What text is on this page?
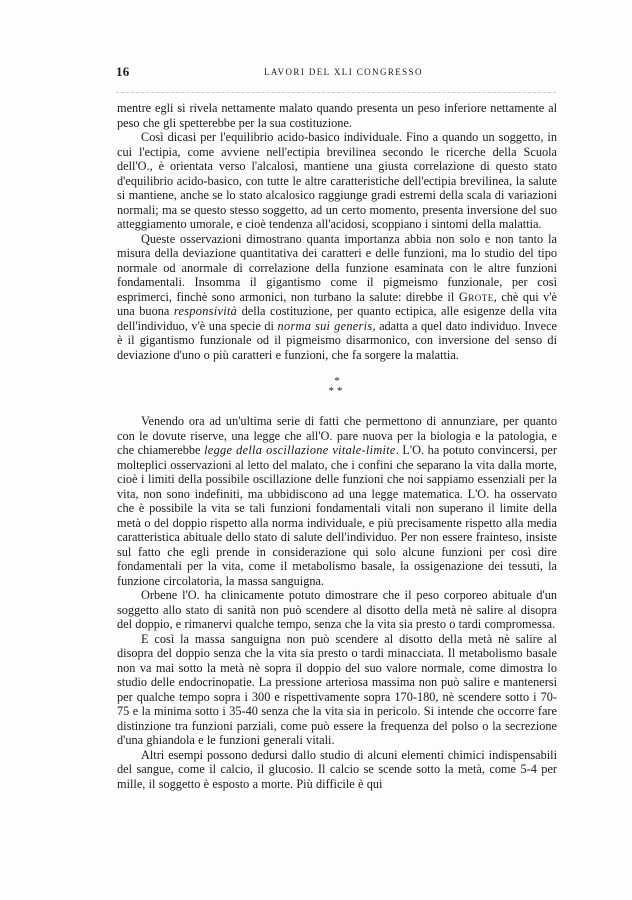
16	LAVORI DEL XLI CONGRESSO

mentre egli si rivela nettamente malato quando presenta un peso inferiore nettamente al peso che gli spetterebbe per la sua costituzione.

Così dicasi per l'equilibrio acido-basico individuale. Fino a quando un soggetto, in cui l'ectipia, come avviene nell'ectipia brevilinea secondo le ricerche della Scuola dell'O., è orientata verso l'alcalosi, mantiene una giusta correlazione di questo stato d'equilibrio acido-basico, con tutte le altre caratteristiche dell'ectipia brevilinea, la salute si mantiene, anche se lo stato alcalosico raggiunge gradi estremi della scala di variazioni normali; ma se questo stesso soggetto, ad un certo momento, presenta inversione del suo atteggiamento umorale, e cioè tendenza all'acidosi, scoppiano i sintomi della malattia.

Queste osservazioni dimostrano quanta importanza abbia non solo e non tanto la misura della deviazione quantitativa dei caratteri e delle funzioni, ma lo studio del tipo normale od anormale di correlazione della funzione esaminata con le altre funzioni fondamentali. Insomma il gigantismo come il pigmeismo funzionale, per così esprimerci, finchè sono armonici, non turbano la salute: direbbe il Grote, chè qui v'è una buona responsività della costituzione, per quanto ectipica, alle esigenze della vita dell'individuo, v'è una specie di norma sui generis, adatta a quel dato individuo. Invece è il gigantismo funzionale od il pigmeismo disarmonico, con inversione del senso di deviazione d'uno o più caratteri e funzioni, che fa sorgere la malattia.

*
**

Venendo ora ad un'ultima serie di fatti che permettono di annunziare, per quanto con le dovute riserve, una legge che all'O. pare nuova per la biologia e la patologia, e che chiamerebbe legge della oscillazione vitale-limite. L'O. ha potuto convincersi, per molteplici osservazioni al letto del malato, che i confini che separano la vita dalla morte, cioè i limiti della possibile oscillazione delle funzioni che noi sappiamo essenziali per la vita, non sono indefiniti, ma ubbidiscono ad una legge matematica. L'O. ha osservato che è possibile la vita se tali funzioni fondamentali vitali non superano il limite della metà o del doppio rispetto alla norma individuale, e più precisamente rispetto alla media caratteristica abituale dello stato di salute dell'individuo. Per non essere frainteso, insiste sul fatto che egli prende in considerazione qui solo alcune funzioni per così dire fondamentali per la vita, come il metabolismo basale, la ossigenazione dei tessuti, la funzione circolatoria, la massa sanguigna.

Orbene l'O. ha clinicamente potuto dimostrare che il peso corporeo abituale d'un soggetto allo stato di sanità non può scendere al disotto della metà nè salire al disopra del doppio, e rimanervi qualche tempo, senza che la vita sia presto o tardi compromessa.

E così la massa sanguigna non può scendere al disotto della metà nè salire al disopra del doppio senza che la vita sia presto o tardi minacciata. Il metabolismo basale non va mai sotto la metà nè sopra il doppio del suo valore normale, come dimostra lo studio delle endocrinopatie. La pressione arteriosa massima non può salire e mantenersi per qualche tempo sopra i 300 e rispettivamente sopra 170-180, nè scendere sotto i 70-75 e la minima sotto i 35-40 senza che la vita sia in pericolo. Si intende che occorre fare distinzione tra funzioni parziali, come può essere la frequenza del polso o la secrezione d'una ghiandola e le funzioni generali vitali.

Altri esempi possono dedursi dallo studio di alcuni elementi chimici indispensabili del sangue, come il calcio, il glucosio. Il calcio se scende sotto la metà, come 5-4 per mille, il soggetto è esposto a morte. Più difficile è qui
